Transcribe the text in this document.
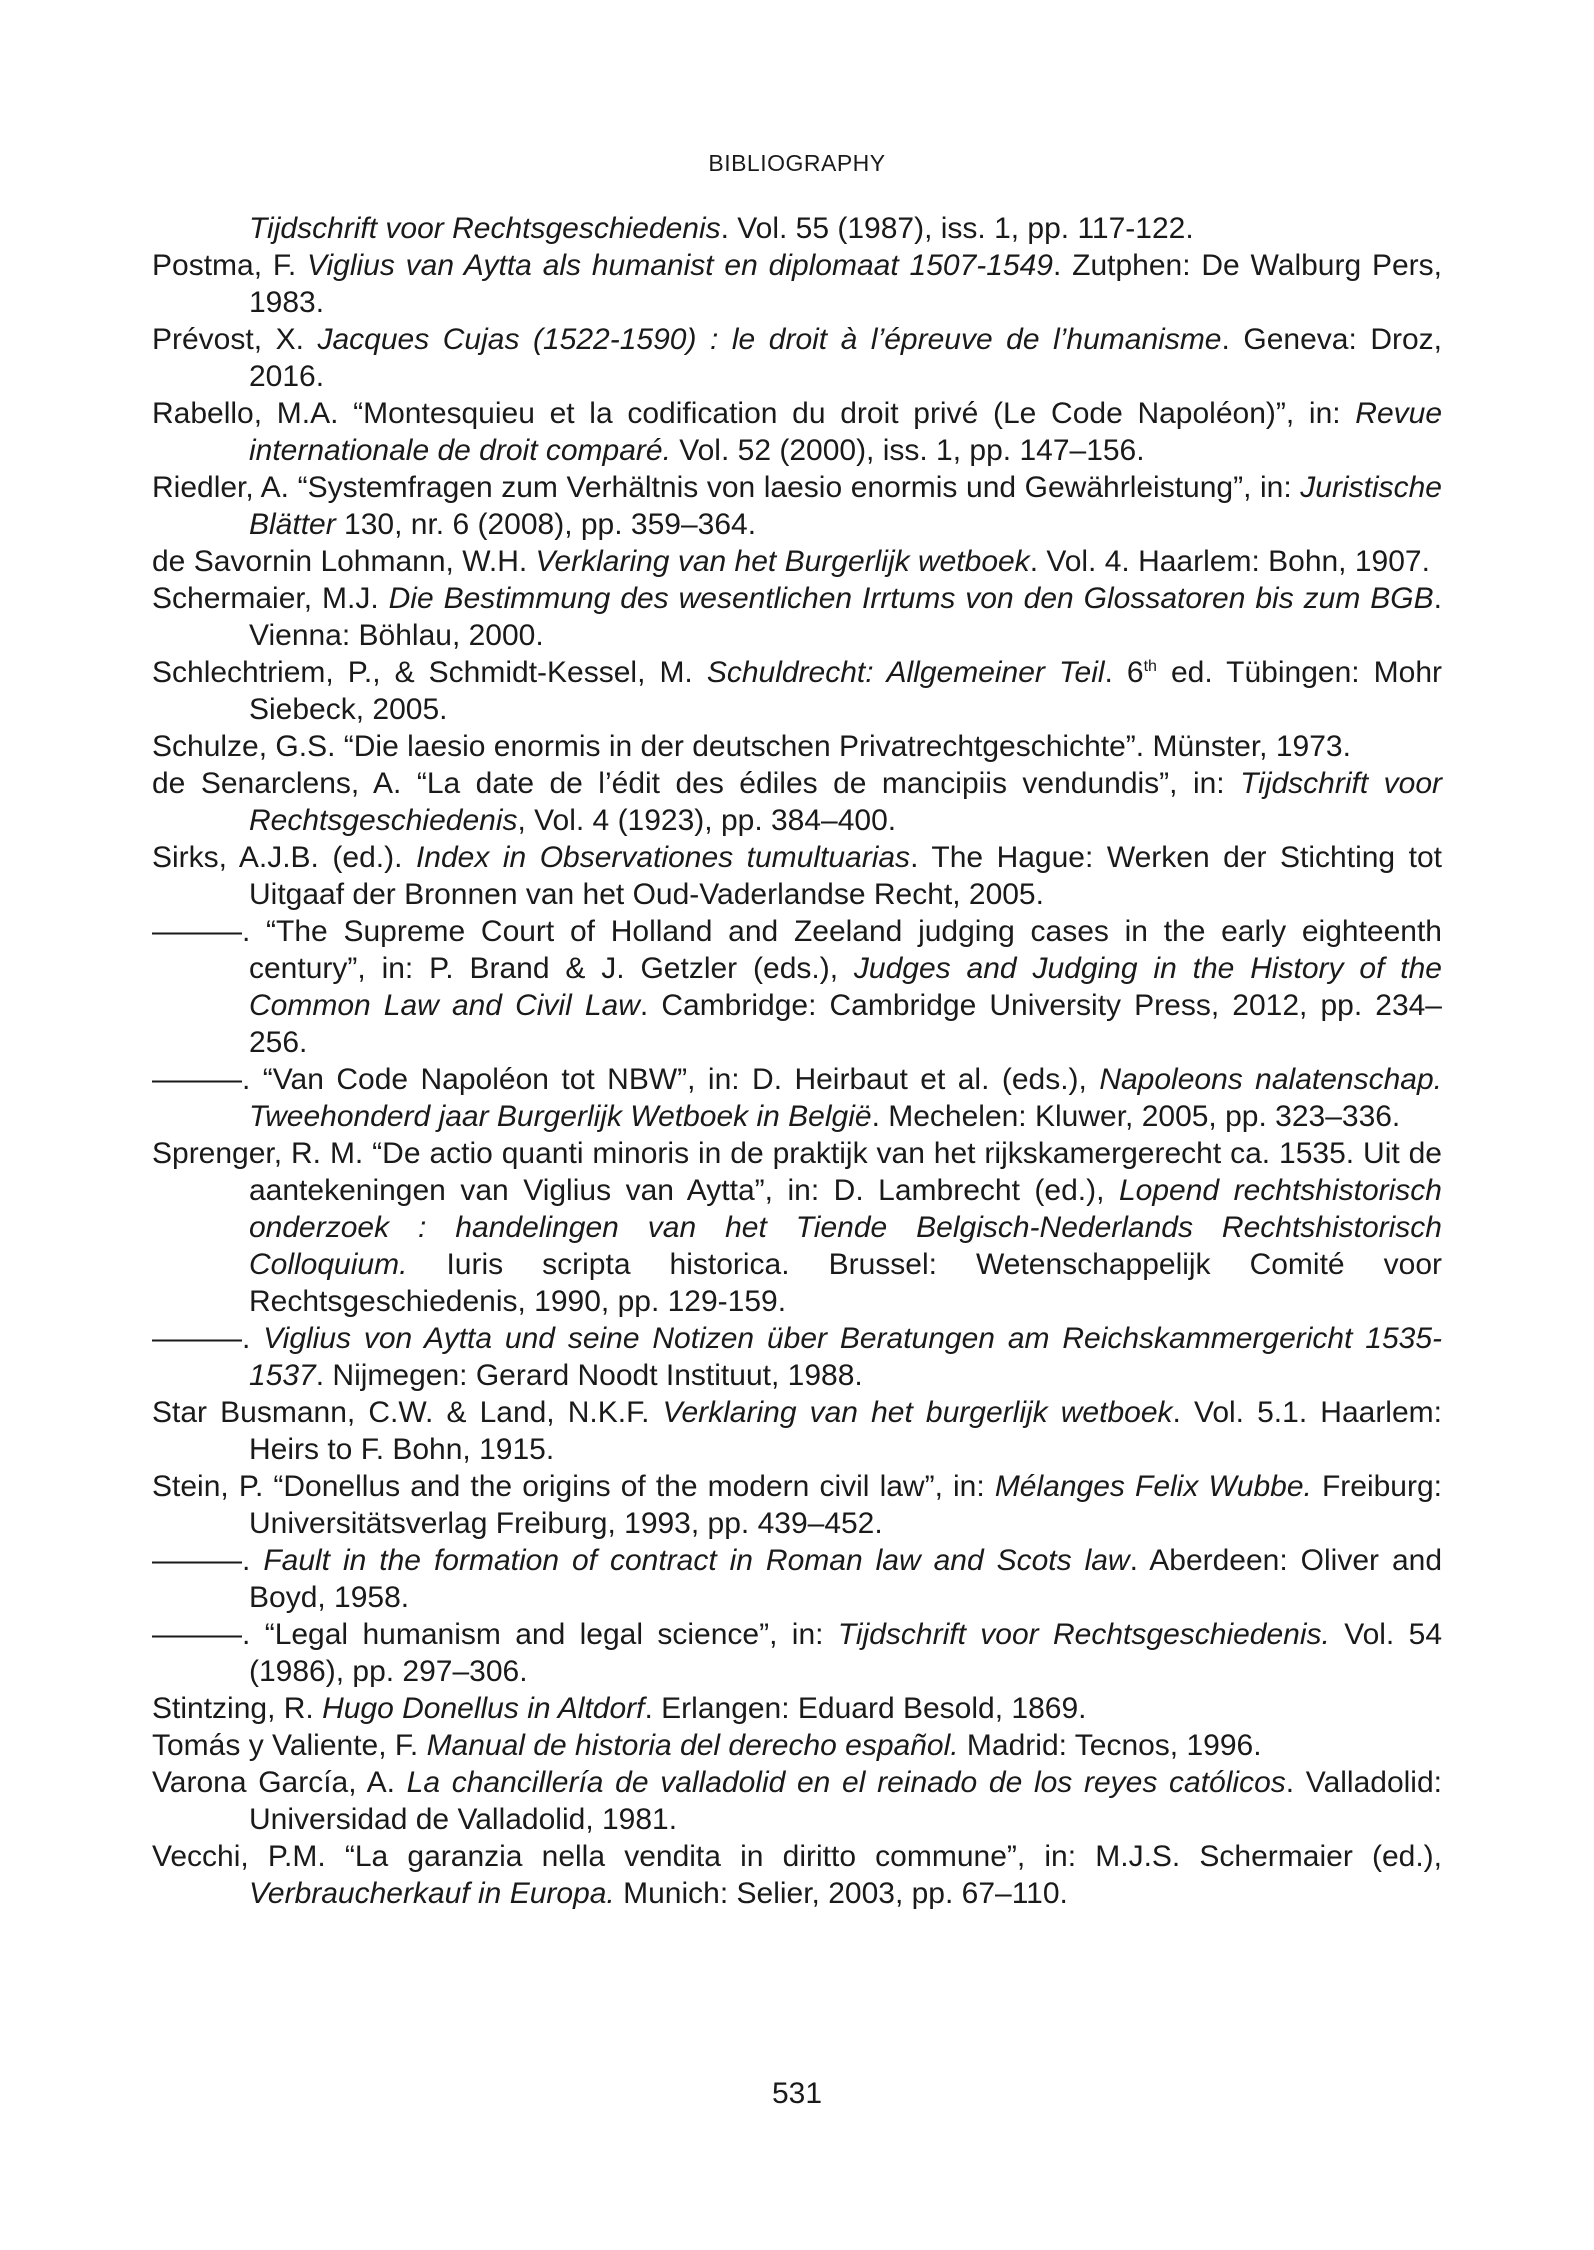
BIBLIOGRAPHY

Tijdschrift voor Rechtsgeschiedenis. Vol. 55 (1987), iss. 1, pp. 117-122.

Postma, F. Viglius van Aytta als humanist en diplomaat 1507-1549. Zutphen: De Walburg Pers, 1983.

Prévost, X. Jacques Cujas (1522-1590) : le droit à l’épreuve de l’humanisme. Geneva: Droz, 2016.

Rabello, M.A. “Montesquieu et la codification du droit privé (Le Code Napoléon)”, in: Revue internationale de droit comparé. Vol. 52 (2000), iss. 1, pp. 147–156.

Riedler, A. “Systemfragen zum Verhältnis von laesio enormis und Gewährleistung”, in: Juristische Blätter 130, nr. 6 (2008), pp. 359–364.

de Savornin Lohmann, W.H. Verklaring van het Burgerlijk wetboek. Vol. 4. Haarlem: Bohn, 1907.

Schermaier, M.J. Die Bestimmung des wesentlichen Irrtums von den Glossatoren bis zum BGB. Vienna: Böhlau, 2000.

Schlechtriem, P., & Schmidt-Kessel, M. Schuldrecht: Allgemeiner Teil. 6th ed. Tübingen: Mohr Siebeck, 2005.

Schulze, G.S. “Die laesio enormis in der deutschen Privatrechtgeschichte”. Münster, 1973.

de Senarclens, A. “La date de l’édit des édiles de mancipiis vendundis”, in: Tijdschrift voor Rechtsgeschiedenis, Vol. 4 (1923), pp. 384–400.

Sirks, A.J.B. (ed.). Index in Observationes tumultuarias. The Hague: Werken der Stichting tot Uitgaaf der Bronnen van het Oud-Vaderlandse Recht, 2005.

———. “The Supreme Court of Holland and Zeeland judging cases in the early eighteenth century”, in: P. Brand & J. Getzler (eds.), Judges and Judging in the History of the Common Law and Civil Law. Cambridge: Cambridge University Press, 2012, pp. 234–256.

———. “Van Code Napoléon tot NBW”, in: D. Heirbaut et al. (eds.), Napoleons nalatenschap. Tweehonderd jaar Burgerlijk Wetboek in België. Mechelen: Kluwer, 2005, pp. 323–336.

Sprenger, R. M. “De actio quanti minoris in de praktijk van het rijkskamergerecht ca. 1535. Uit de aantekeningen van Viglius van Aytta”, in: D. Lambrecht (ed.), Lopend rechtshistorisch onderzoek : handelingen van het Tiende Belgisch-Nederlands Rechtshistorisch Colloquium. Iuris scripta historica. Brussel: Wetenschappelijk Comité voor Rechtsgeschiedenis, 1990, pp. 129-159.

———. Viglius von Aytta und seine Notizen über Beratungen am Reichskammergericht 1535-1537. Nijmegen: Gerard Noodt Instituut, 1988.

Star Busmann, C.W. & Land, N.K.F. Verklaring van het burgerlijk wetboek. Vol. 5.1. Haarlem: Heirs to F. Bohn, 1915.

Stein, P. “Donellus and the origins of the modern civil law”, in: Mélanges Felix Wubbe. Freiburg: Universitätsverlag Freiburg, 1993, pp. 439–452.

———. Fault in the formation of contract in Roman law and Scots law. Aberdeen: Oliver and Boyd, 1958.

———. “Legal humanism and legal science”, in: Tijdschrift voor Rechtsgeschiedenis. Vol. 54 (1986), pp. 297–306.

Stintzing, R. Hugo Donellus in Altdorf. Erlangen: Eduard Besold, 1869.

Tomás y Valiente, F. Manual de historia del derecho español. Madrid: Tecnos, 1996.

Varona García, A. La chancillería de valladolid en el reinado de los reyes católicos. Valladolid: Universidad de Valladolid, 1981.

Vecchi, P.M. “La garanzia nella vendita in diritto commune”, in: M.J.S. Schermaier (ed.), Verbraucherkauf in Europa. Munich: Selier, 2003, pp. 67–110.

531
